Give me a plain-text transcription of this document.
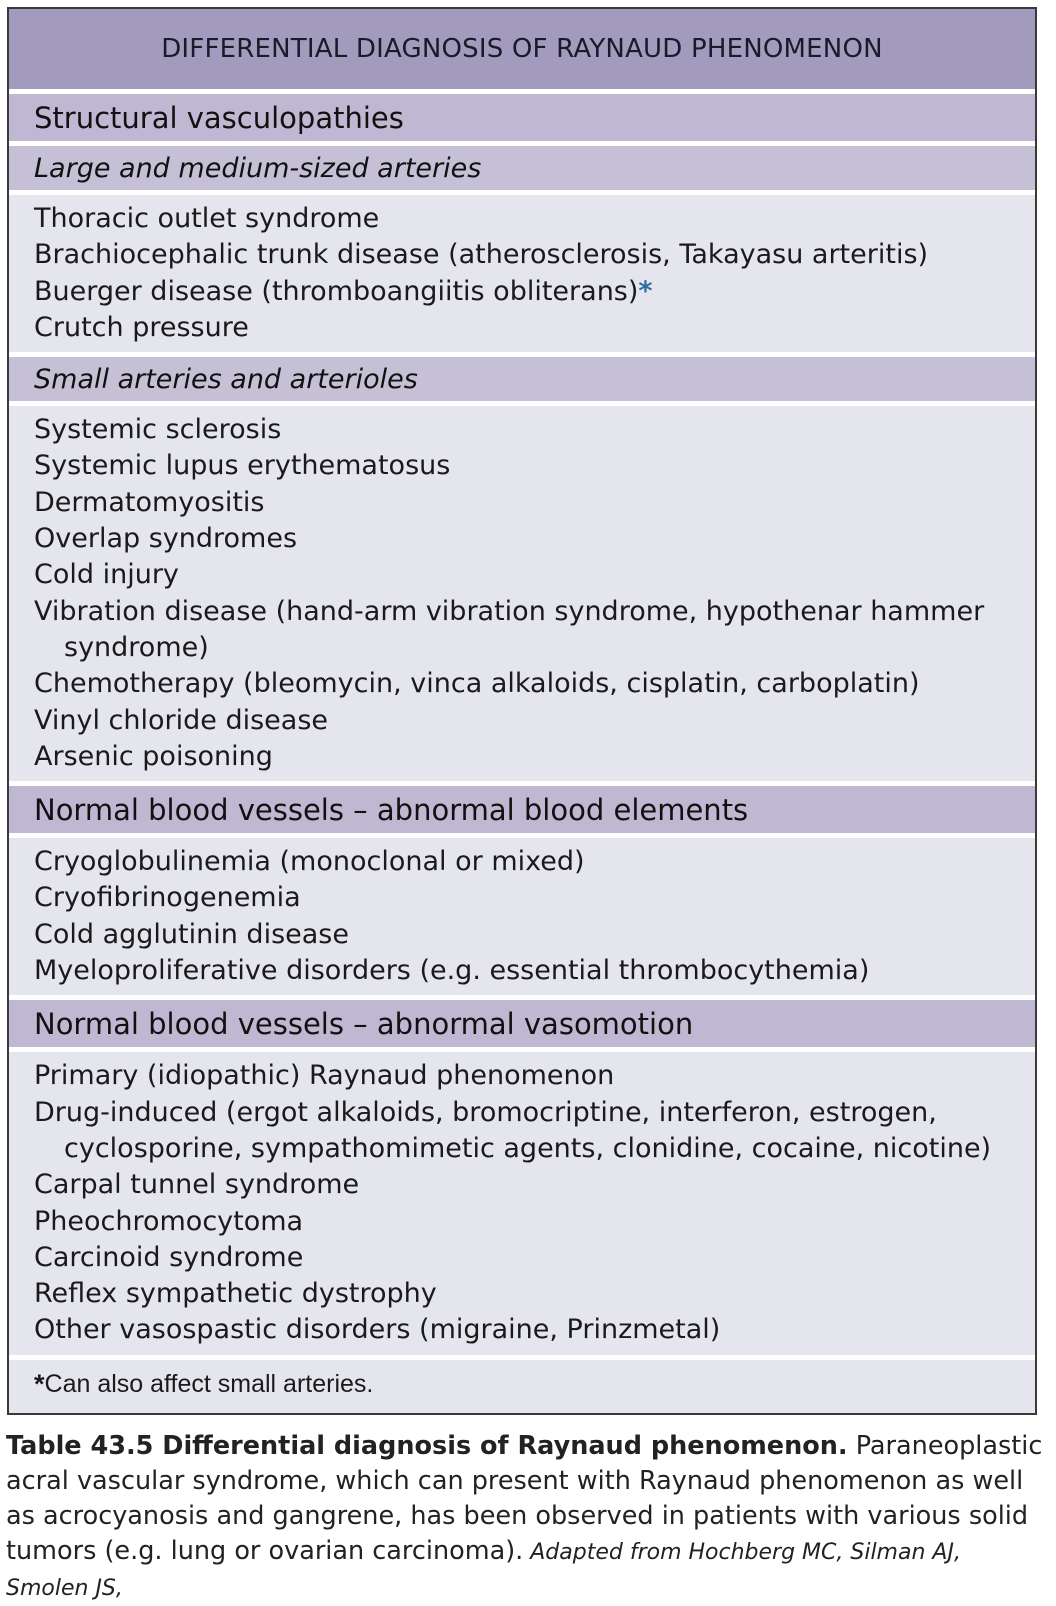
DIFFERENTIAL DIAGNOSIS OF RAYNAUD PHENOMENON
Structural vasculopathies
Large and medium-sized arteries
Thoracic outlet syndrome
Brachiocephalic trunk disease (atherosclerosis, Takayasu arteritis)
Buerger disease (thromboangiitis obliterans)*
Crutch pressure
Small arteries and arterioles
Systemic sclerosis
Systemic lupus erythematosus
Dermatomyositis
Overlap syndromes
Cold injury
Vibration disease (hand-arm vibration syndrome, hypothenar hammer syndrome)
Chemotherapy (bleomycin, vinca alkaloids, cisplatin, carboplatin)
Vinyl chloride disease
Arsenic poisoning
Normal blood vessels – abnormal blood elements
Cryoglobulinemia (monoclonal or mixed)
Cryofibrinogenemia
Cold agglutinin disease
Myeloproliferative disorders (e.g. essential thrombocythemia)
Normal blood vessels – abnormal vasomotion
Primary (idiopathic) Raynaud phenomenon
Drug-induced (ergot alkaloids, bromocriptine, interferon, estrogen, cyclosporine, sympathomimetic agents, clonidine, cocaine, nicotine)
Carpal tunnel syndrome
Pheochromocytoma
Carcinoid syndrome
Reflex sympathetic dystrophy
Other vasospastic disorders (migraine, Prinzmetal)
* Can also affect small arteries.
Table 43.5 Differential diagnosis of Raynaud phenomenon. Paraneoplastic acral vascular syndrome, which can present with Raynaud phenomenon as well as acrocyanosis and gangrene, has been observed in patients with various solid tumors (e.g. lung or ovarian carcinoma). Adapted from Hochberg MC, Silman AJ, Smolen JS,
